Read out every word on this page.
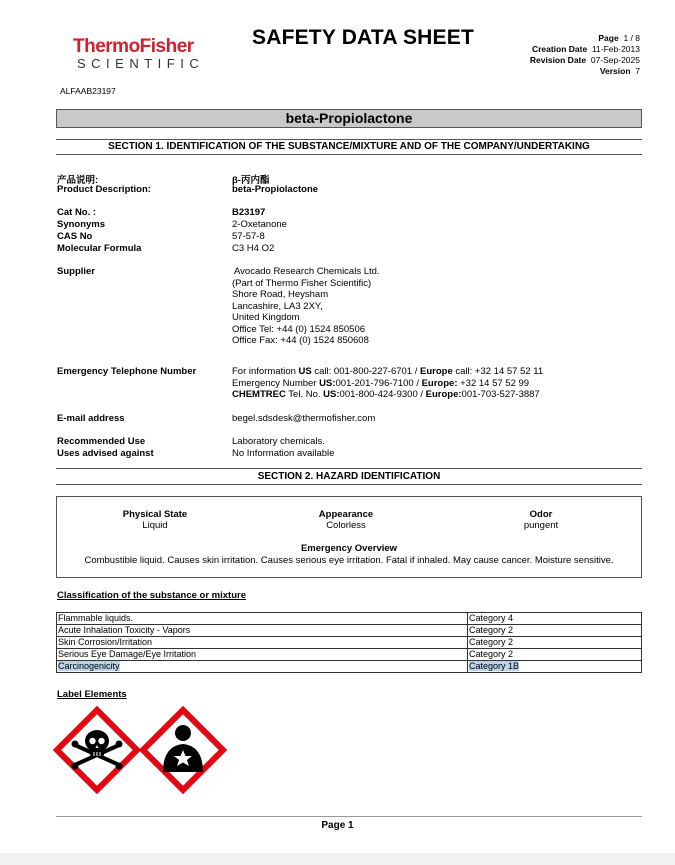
ThermoFisher
SCIENTIFIC
SAFETY DATA SHEET	Page 1 / 8
Creation Date 11-Feb-2013
Revision Date 07-Sep-2025
Version 7
ALFAAB23197
beta-Propiolactone
SECTION 1. IDENTIFICATION OF THE SUBSTANCE/MIXTURE AND OF THE COMPANY/UNDERTAKING
产品说明:	β-丙内酯
Product Description:	beta-Propiolactone
Cat No. :	B23197
Synonyms	2-Oxetanone
CAS No	57-57-8
Molecular Formula	C3 H4 O2
Supplier	Avocado Research Chemicals Ltd.
(Part of Thermo Fisher Scientific)
Shore Road, Heysham
Lancashire, LA3 2XY,
United Kingdom
Office Tel: +44 (0) 1524 850506
Office Fax: +44 (0) 1524 850608
Emergency Telephone Number	For information US call: 001-800-227-6701 / Europe call: +32 14 57 52 11
Emergency Number US:001-201-796-7100 / Europe: +32 14 57 52 99
CHEMTREC Tel. No. US:001-800-424-9300 / Europe:001-703-527-3887
E-mail address	begel.sdsdesk@thermofisher.com
Recommended Use	Laboratory chemicals.
Uses advised against	No Information available
SECTION 2. HAZARD IDENTIFICATION
Physical State
Liquid
Appearance
Colorless
Odor
pungent
Emergency Overview
Combustible liquid. Causes skin irritation. Causes serious eye irritation. Fatal if inhaled. May cause cancer. Moisture sensitive.
Classification of the substance or mixture
Flammable liquids.	Category 4
Acute Inhalation Toxicity - Vapors	Category 2
Skin Corrosion/Irritation	Category 2
Serious Eye Damage/Eye Irritation	Category 2
Carcinogenicity	Category 1B
Label Elements
Page 1
